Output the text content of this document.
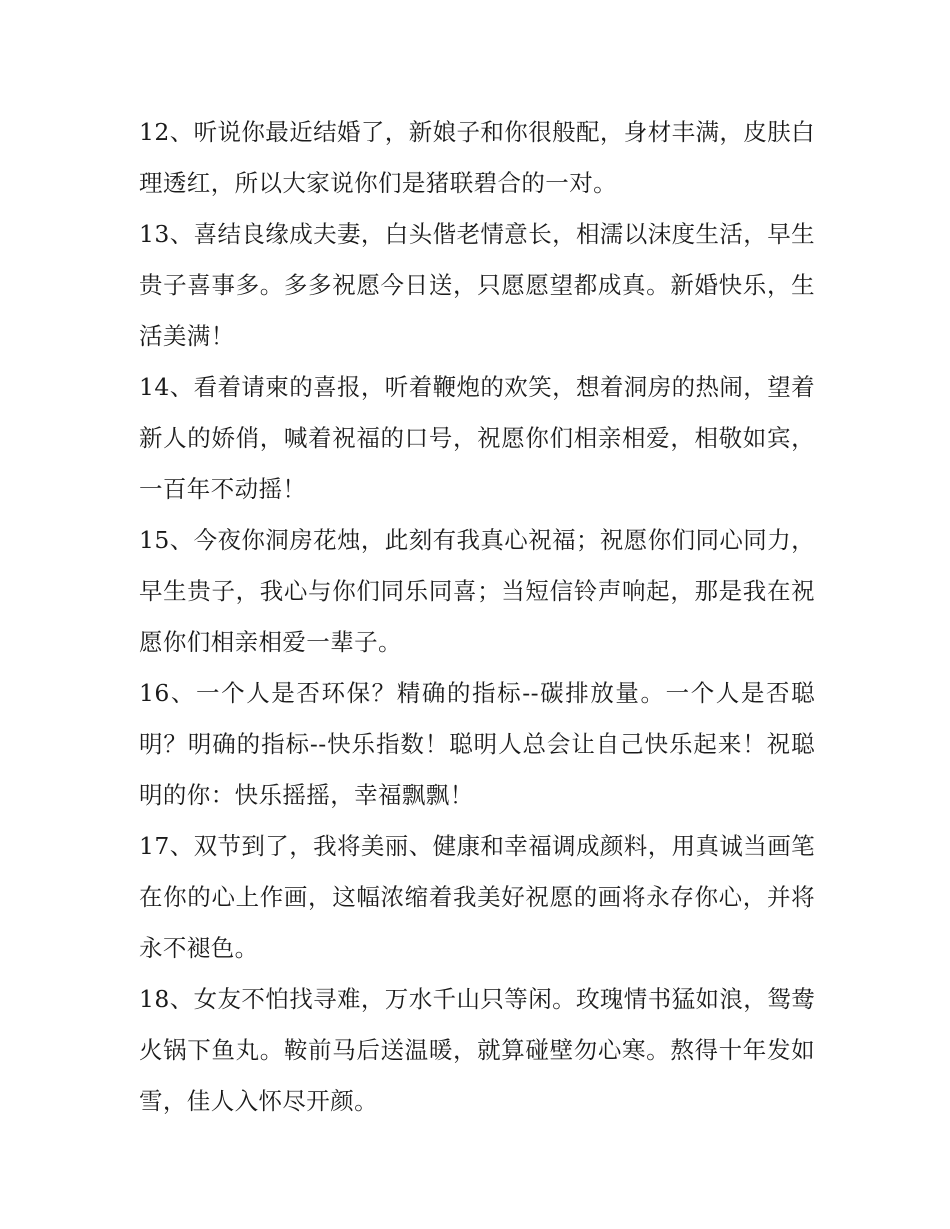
12、听说你最近结婚了，新娘子和你很般配，身材丰满，皮肤白理透红，所以大家说你们是猪联碧合的一对。

13、喜结良缘成夫妻，白头偕老情意长，相濡以沫度生活，早生贵子喜事多。多多祝愿今日送，只愿愿望都成真。新婚快乐，生活美满！

14、看着请柬的喜报，听着鞭炮的欢笑，想着洞房的热闹，望着新人的娇俏，喊着祝福的口号，祝愿你们相亲相爱，相敬如宾，一百年不动摇！

15、今夜你洞房花烛，此刻有我真心祝福；祝愿你们同心同力，早生贵子，我心与你们同乐同喜；当短信铃声响起，那是我在祝愿你们相亲相爱一辈子。

16、一个人是否环保？精确的指标--碳排放量。一个人是否聪明？明确的指标--快乐指数！聪明人总会让自己快乐起来！祝聪明的你：快乐摇摇，幸福飘飘！

17、双节到了，我将美丽、健康和幸福调成颜料，用真诚当画笔在你的心上作画，这幅浓缩着我美好祝愿的画将永存你心，并将永不褪色。

18、女友不怕找寻难，万水千山只等闲。玫瑰情书猛如浪，鸳鸯火锅下鱼丸。鞍前马后送温暖，就算碰壁勿心寒。熬得十年发如雪，佳人入怀尽开颜。
